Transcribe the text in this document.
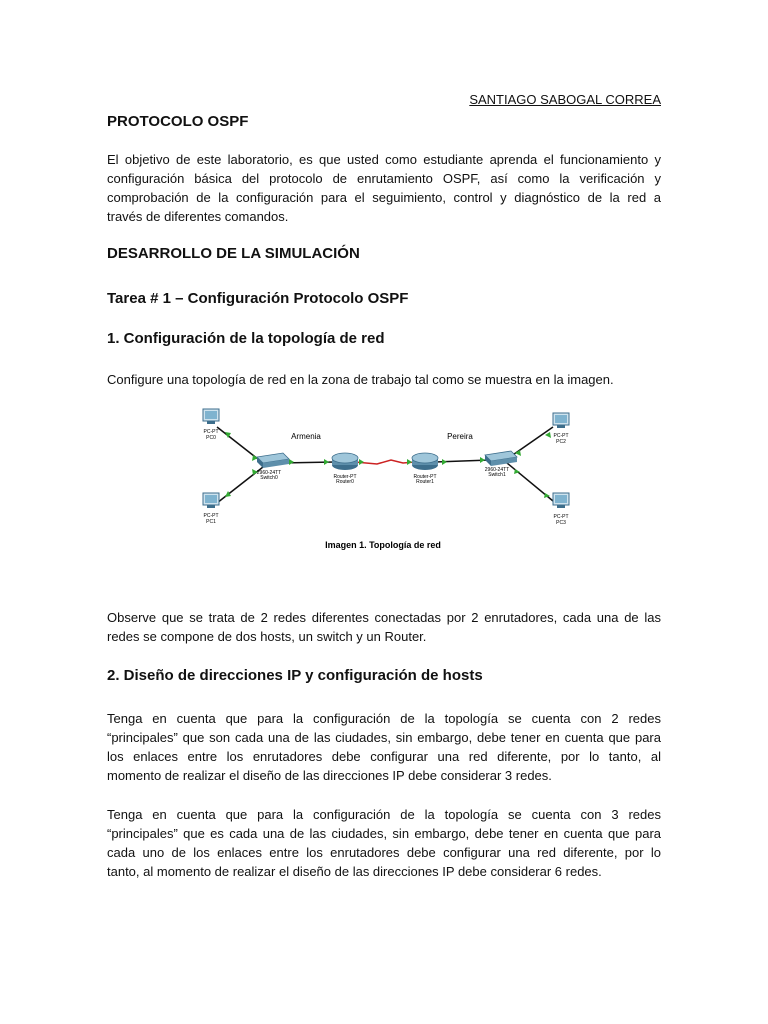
SANTIAGO SABOGAL CORREA
PROTOCOLO OSPF
El objetivo de este laboratorio, es que usted como estudiante aprenda el funcionamiento y
configuración básica del protocolo de enrutamiento OSPF, así como la verificación y
comprobación de la configuración para el seguimiento, control y diagnóstico de la red a
través de diferentes comandos.
DESARROLLO DE LA SIMULACIÓN
Tarea # 1 – Configuración Protocolo OSPF
1. Configuración de la topología de red
Configure una topología de red en la zona de trabajo tal como se muestra en la imagen.
PC-PT
PC0
PC-PT
PC1
PC-PT
PC2
PC-PT
PC3
2960-24TT
Switch0
2960-24TT
Switch1
Router-PT
Router0
Router-PT
Router1
Armenia	Pereira
Imagen 1. Topología de red
Observe que se trata de 2 redes diferentes conectadas por 2 enrutadores, cada una de las
redes se compone de dos hosts, un switch y un Router.
2. Diseño de direcciones IP y configuración de hosts
Tenga en cuenta que para la configuración de la topología se cuenta con 2 redes
“principales” que son cada una de las ciudades, sin embargo, debe tener en cuenta que para
los enlaces entre los enrutadores debe configurar una red diferente, por lo tanto, al
momento de realizar el diseño de las direcciones IP debe considerar 3 redes.
Tenga en cuenta que para la configuración de la topología se cuenta con 3 redes
“principales” que es cada una de las ciudades, sin embargo, debe tener en cuenta que para
cada uno de los enlaces entre los enrutadores debe configurar una red diferente, por lo
tanto, al momento de realizar el diseño de las direcciones IP debe considerar 6 redes.
